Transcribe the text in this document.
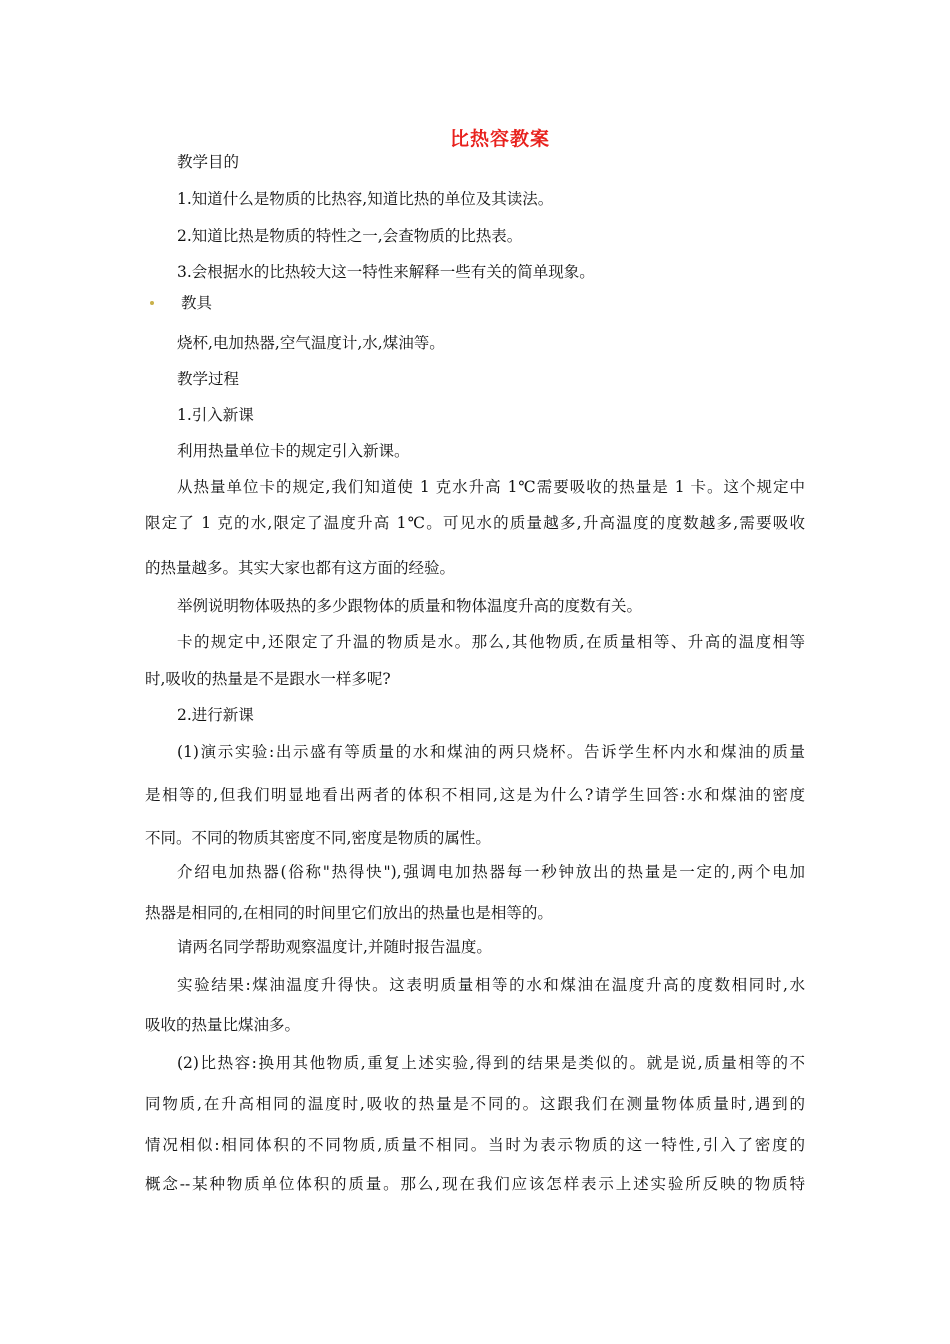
比热容教案
教学目的
1.知道什么是物质的比热容,知道比热的单位及其读法。
2.知道比热是物质的特性之一,会查物质的比热表。
3.会根据水的比热较大这一特性来解释一些有关的简单现象。
教具
烧杯,电加热器,空气温度计,水,煤油等。
教学过程
1.引入新课
利用热量单位卡的规定引入新课。
从热量单位卡的规定,我们知道使 1 克水升高 1℃需要吸收的热量是 1 卡。这个规定中
限定了 1 克的水,限定了温度升高 1℃。可见水的质量越多,升高温度的度数越多,需要吸收
的热量越多。其实大家也都有这方面的经验。
举例说明物体吸热的多少跟物体的质量和物体温度升高的度数有关。
卡的规定中,还限定了升温的物质是水。那么,其他物质,在质量相等、升高的温度相等
时,吸收的热量是不是跟水一样多呢?
2.进行新课
(1)演示实验:出示盛有等质量的水和煤油的两只烧杯。告诉学生杯内水和煤油的质量
是相等的,但我们明显地看出两者的体积不相同,这是为什么?请学生回答:水和煤油的密度
不同。不同的物质其密度不同,密度是物质的属性。
介绍电加热器(俗称"热得快"),强调电加热器每一秒钟放出的热量是一定的,两个电加
热器是相同的,在相同的时间里它们放出的热量也是相等的。
请两名同学帮助观察温度计,并随时报告温度。
实验结果:煤油温度升得快。这表明质量相等的水和煤油在温度升高的度数相同时,水
吸收的热量比煤油多。
(2)比热容:换用其他物质,重复上述实验,得到的结果是类似的。就是说,质量相等的不
同物质,在升高相同的温度时,吸收的热量是不同的。这跟我们在测量物体质量时,遇到的
情况相似:相同体积的不同物质,质量不相同。当时为表示物质的这一特性,引入了密度的
概念--某种物质单位体积的质量。那么,现在我们应该怎样表示上述实验所反映的物质特
